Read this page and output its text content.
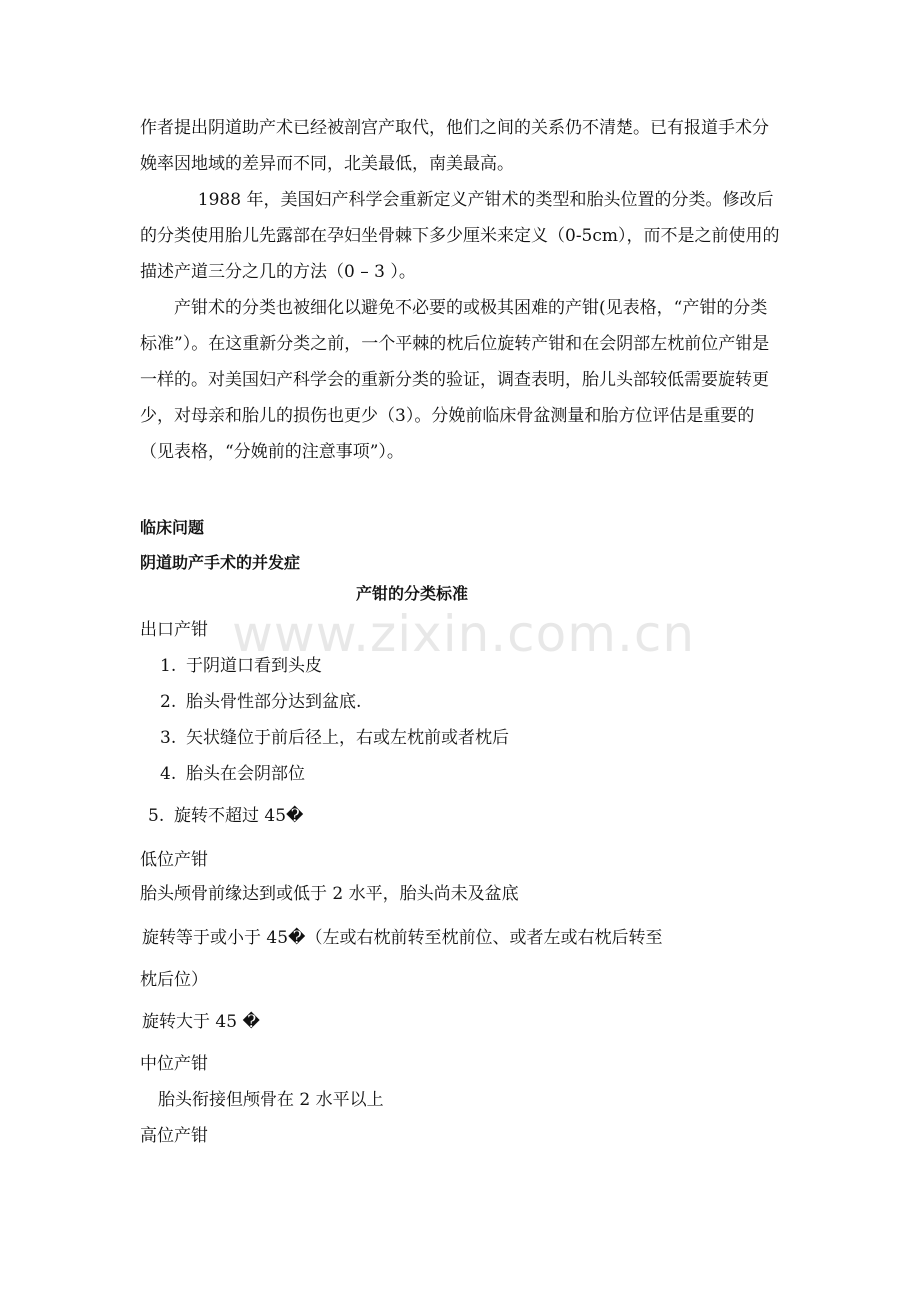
作者提出阴道助产术已经被剖宫产取代，他们之间的关系仍不清楚。已有报道手术分娩率因地域的差异而不同，北美最低，南美最高。

1988 年，美国妇产科学会重新定义产钳术的类型和胎头位置的分类。修改后的分类使用胎儿先露部在孕妇坐骨棘下多少厘米来定义（0-5cm），而不是之前使用的描述产道三分之几的方法（0 – 3 ）。

产钳术的分类也被细化以避免不必要的或极其困难的产钳(见表格，“产钳的分类标准”）。在这重新分类之前，一个平棘的枕后位旋转产钳和在会阴部左枕前位产钳是一样的。对美国妇产科学会的重新分类的验证，调查表明，胎儿头部较低需要旋转更少，对母亲和胎儿的损伤也更少（3）。分娩前临床骨盆测量和胎方位评估是重要的（见表格，“分娩前的注意事项”）。

临床问题
阴道助产手术的并发症
产钳的分类标准
出口产钳
1. 于阴道口看到头皮
2. 胎头骨性部分达到盆底.
3. 矢状缝位于前后径上，右或左枕前或者枕后
4. 胎头在会阴部位
5. 旋转不超过 45�
低位产钳
胎头颅骨前缘达到或低于 2 水平，胎头尚未及盆底
旋转等于或小于 45�（左或右枕前转至枕前位、或者左或右枕后转至
枕后位）
旋转大于 45 �
中位产钳
胎头衔接但颅骨在 2 水平以上
高位产钳
www.zixin.com.cn
